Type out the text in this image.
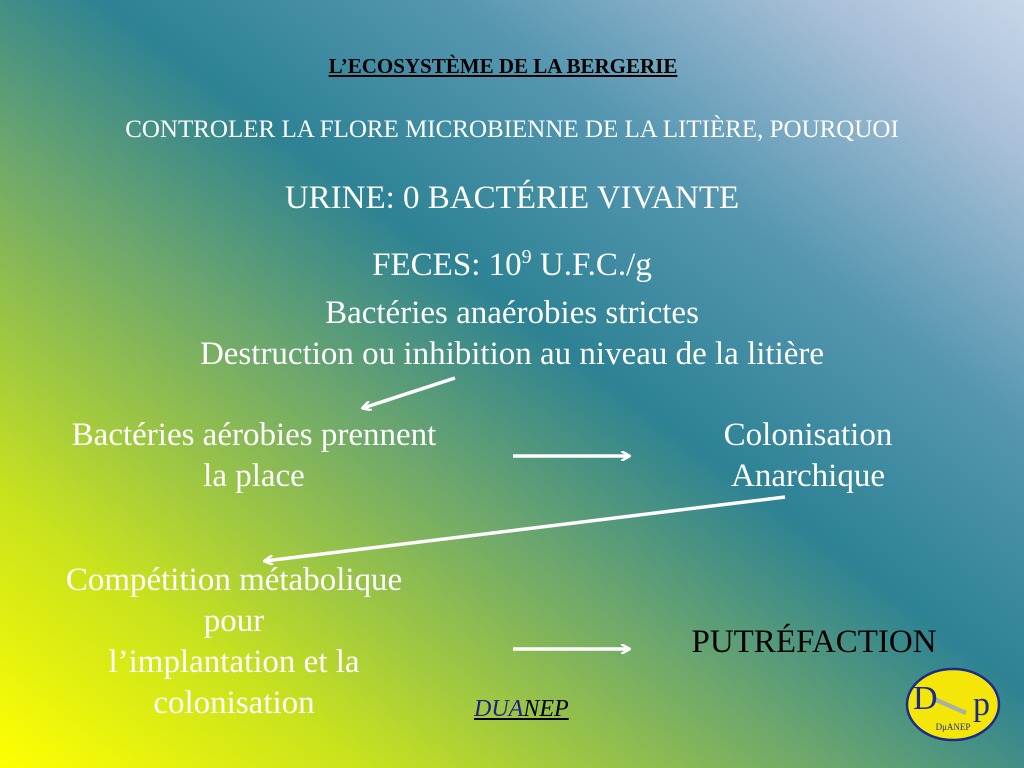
L’ECOSYSTÈME DE LA BERGERIE
CONTROLER LA FLORE MICROBIENNE DE LA LITIÈRE, POURQUOI
URINE: 0 BACTÉRIE VIVANTE
FECES: $10^9$ U.F.C./g
Bactéries anaérobies strictes
Destruction ou inhibition au niveau de la litière
Bactéries aérobies prennent
la place
Colonisation
Anarchique
Compétition métabolique
pour
l’implantation et la
colonisation
PUTRÉFACTION
DUANEP	D p
DμANEP
